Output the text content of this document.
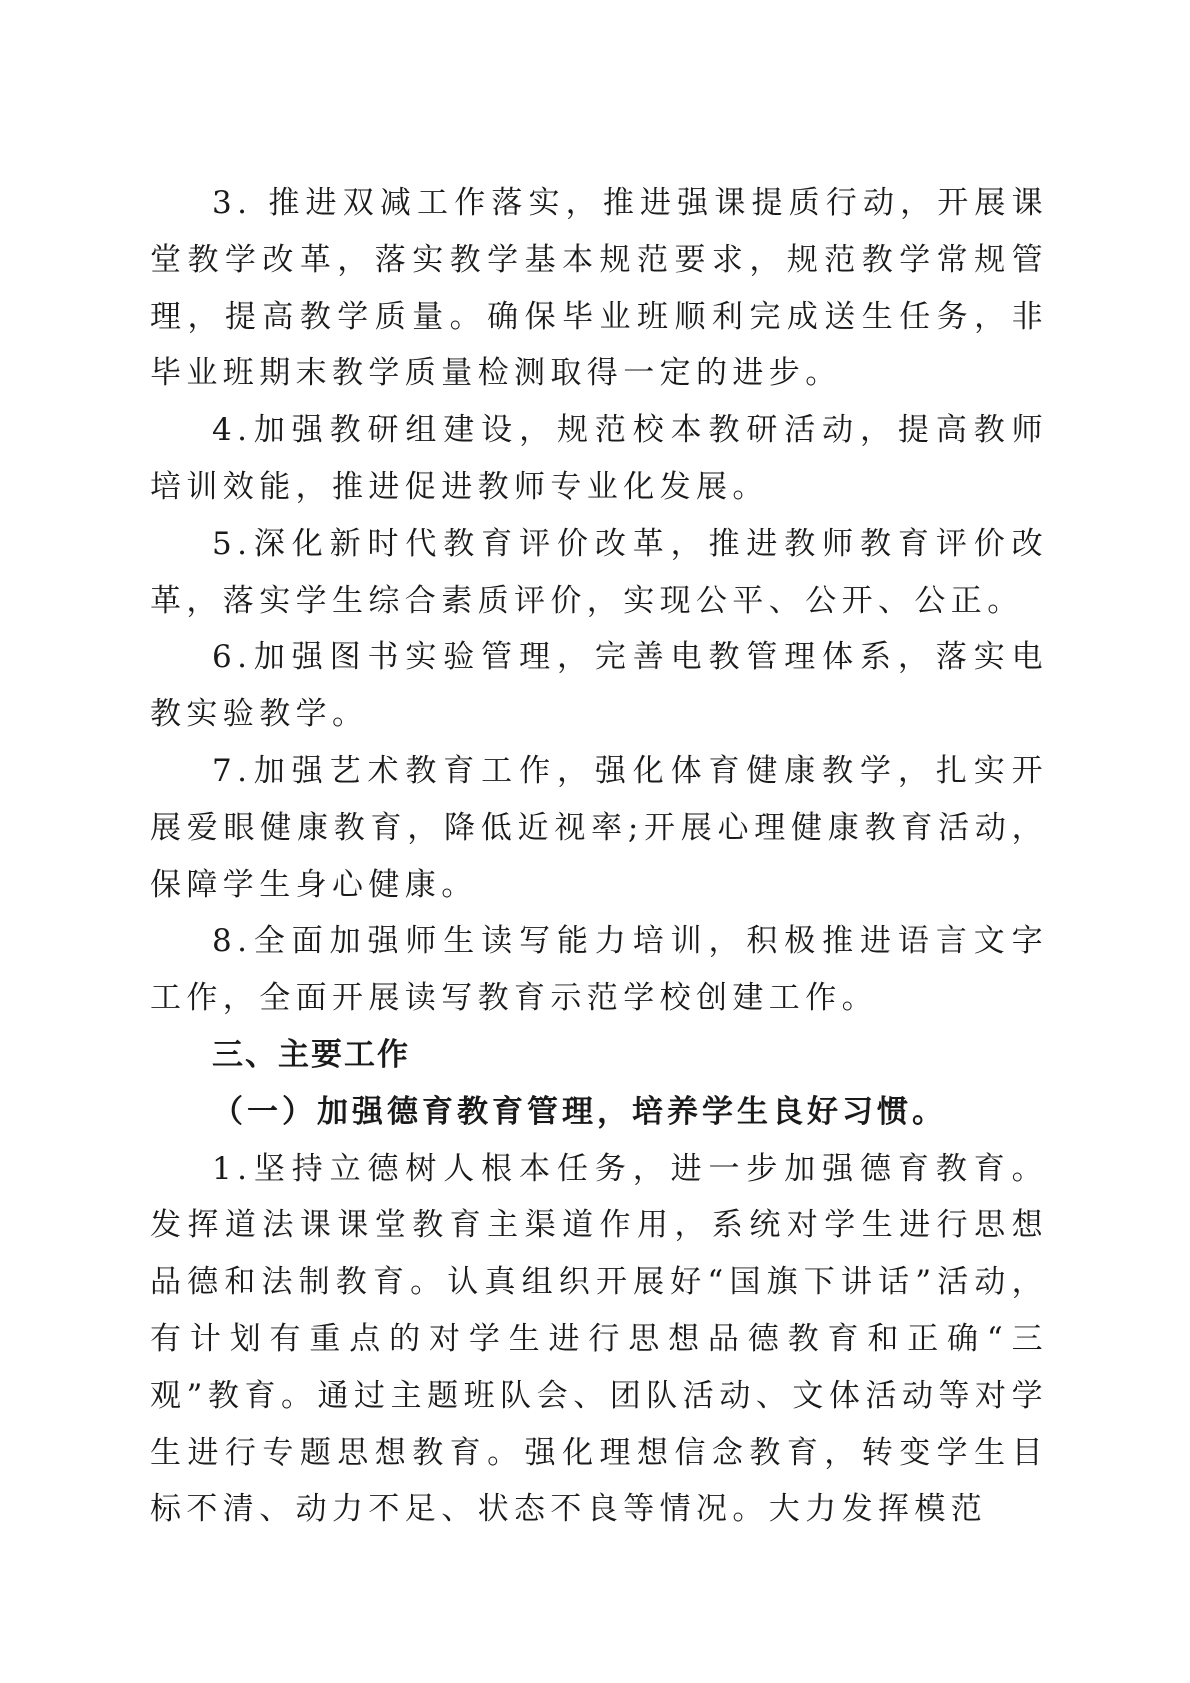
3. 推进双减工作落实，推进强课提质行动，开展课堂教学改革，落实教学基本规范要求，规范教学常规管理，提高教学质量。确保毕业班顺利完成送生任务，非毕业班期末教学质量检测取得一定的进步。

4.加强教研组建设，规范校本教研活动，提高教师培训效能，推进促进教师专业化发展。

5.深化新时代教育评价改革，推进教师教育评价改革，落实学生综合素质评价，实现公平、公开、公正。

6.加强图书实验管理，完善电教管理体系，落实电教实验教学。

7.加强艺术教育工作，强化体育健康教学，扎实开展爱眼健康教育，降低近视率;开展心理健康教育活动，保障学生身心健康。

8.全面加强师生读写能力培训，积极推进语言文字工作，全面开展读写教育示范学校创建工作。

三、主要工作
（一）加强德育教育管理，培养学生良好习惯。

1.坚持立德树人根本任务，进一步加强德育教育。发挥道法课课堂教育主渠道作用，系统对学生进行思想品德和法制教育。认真组织开展好“国旗下讲话”活动，有计划有重点的对学生进行思想品德教育和正确“三观”教育。通过主题班队会、团队活动、文体活动等对学生进行专题思想教育。强化理想信念教育，转变学生目标不清、动力不足、状态不良等情况。大力发挥模范
